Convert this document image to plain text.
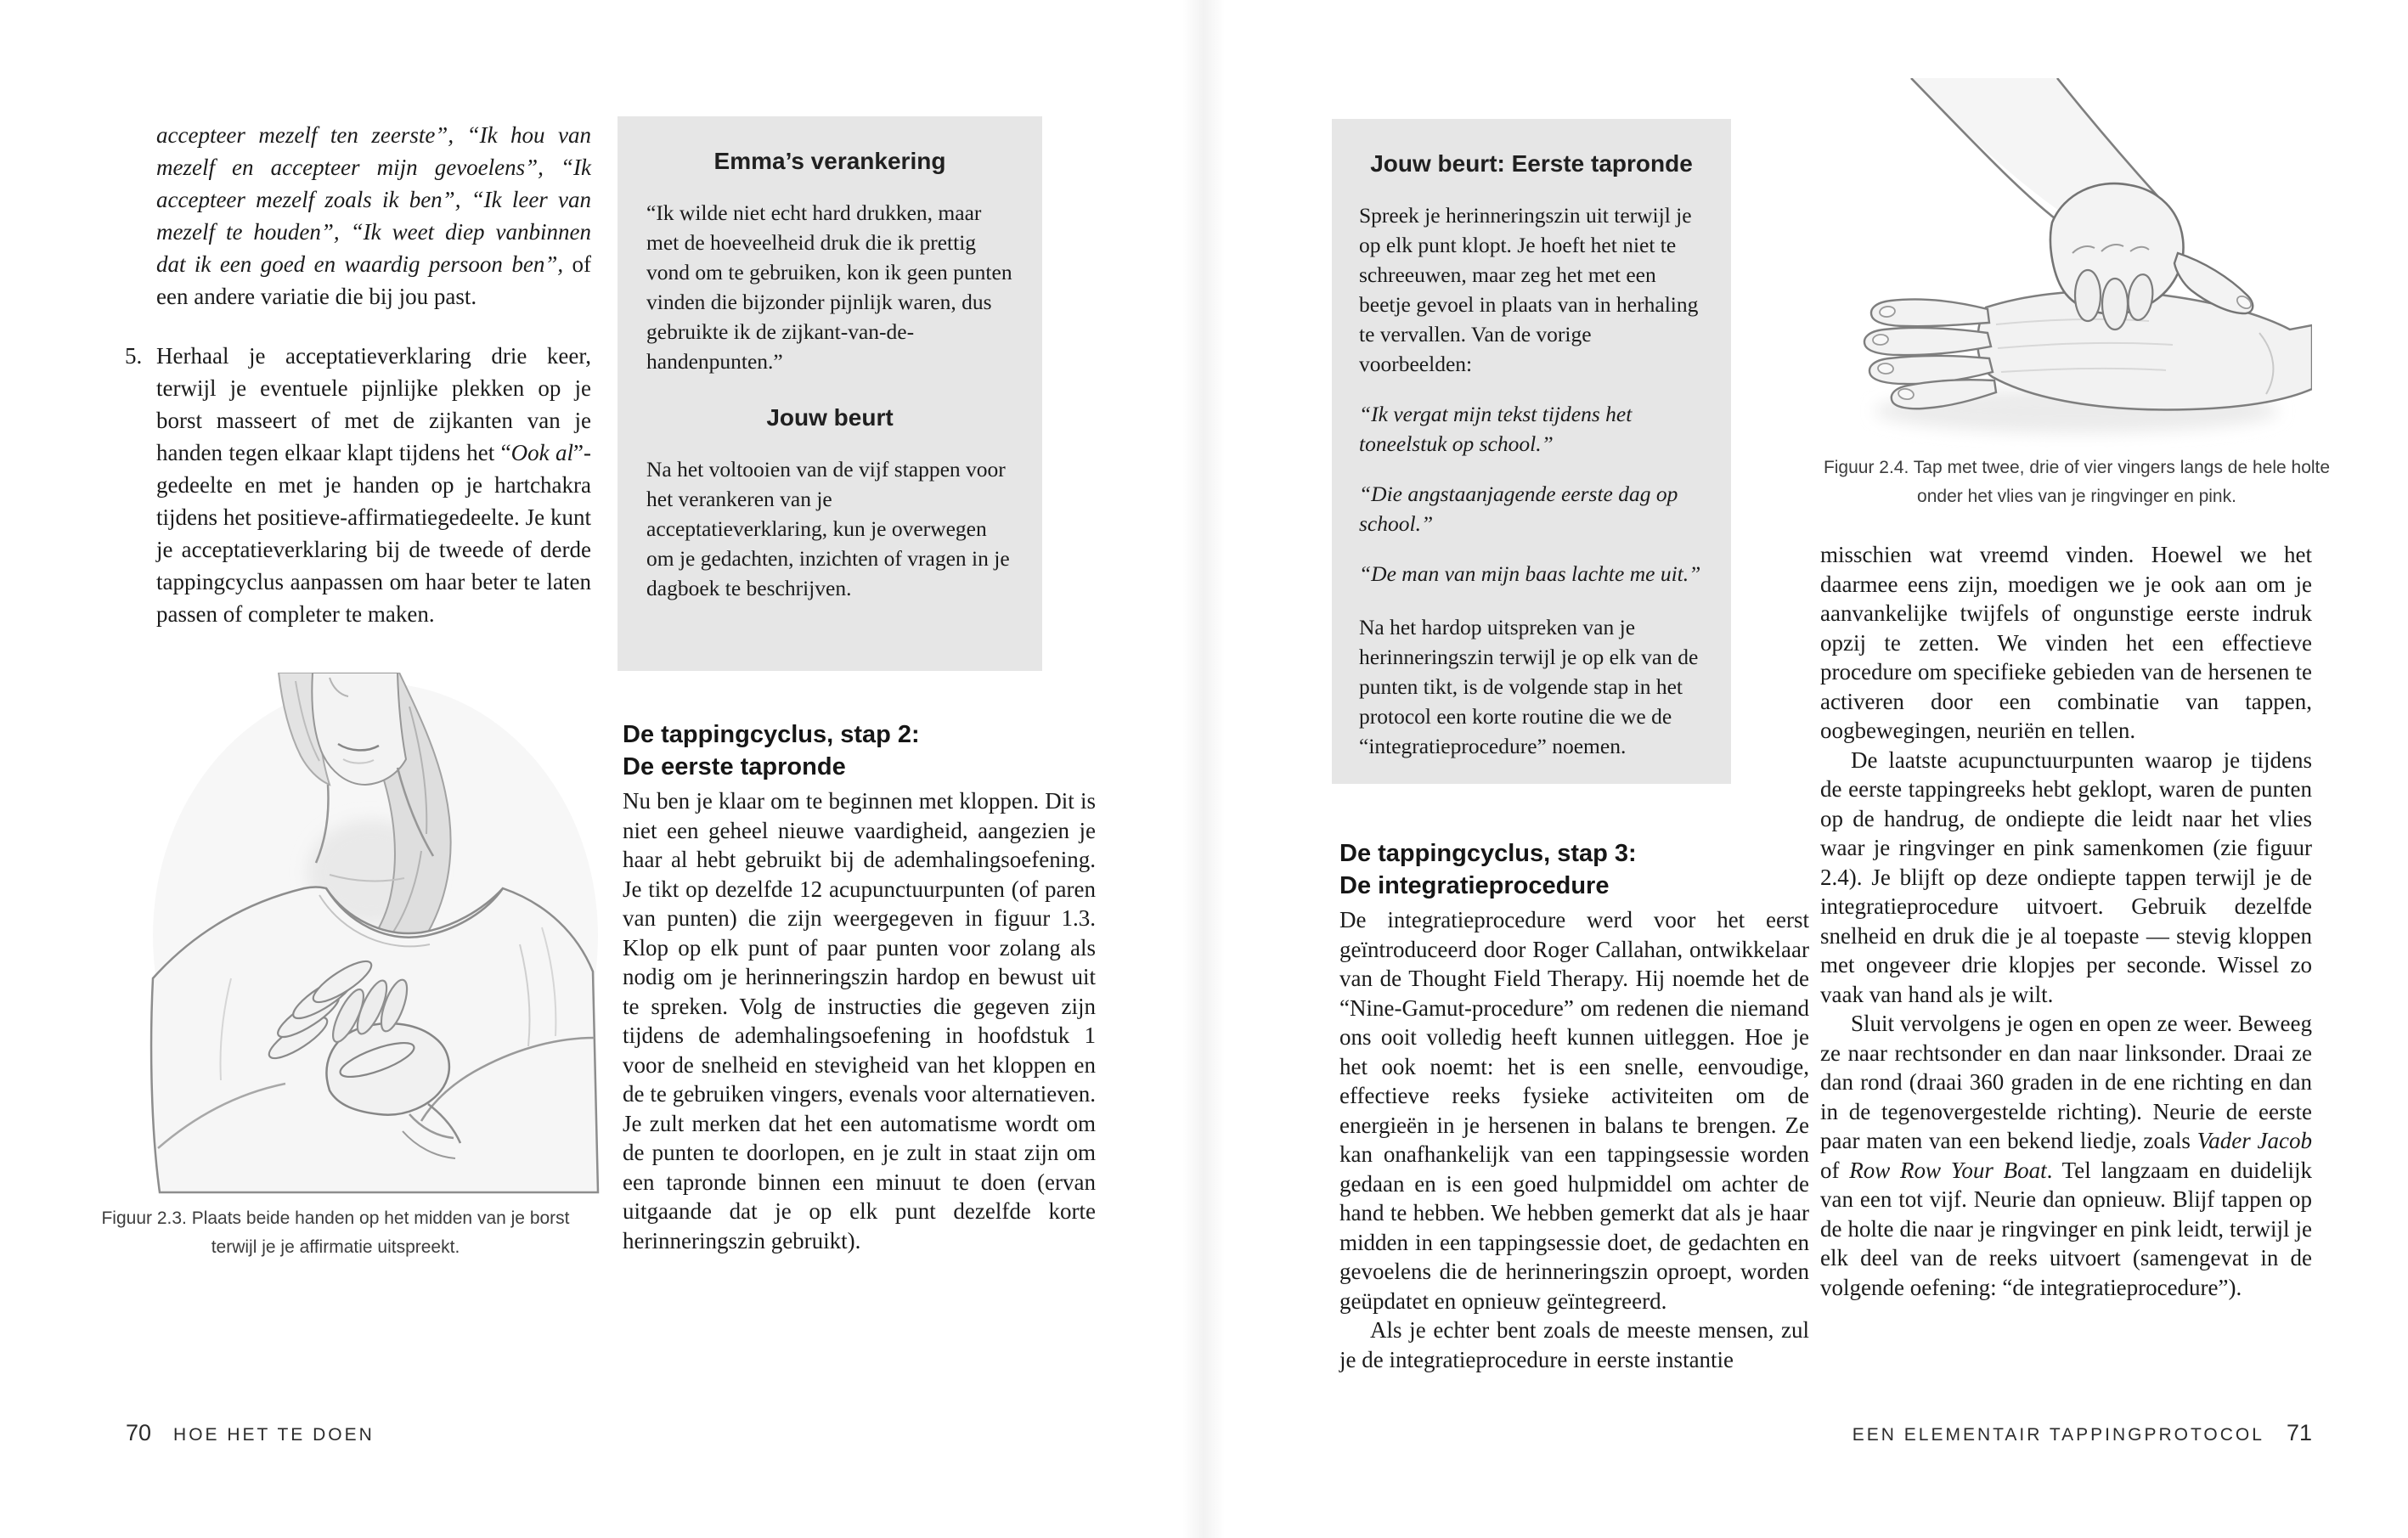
accepteer mezelf ten zeerste”, “Ik hou van mezelf en accepteer mijn gevoelens”, “Ik accepteer mezelf zoals ik ben”, “Ik leer van mezelf te houden”, “Ik weet diep vanbinnen dat ik een goed en waardig persoon ben”, of een andere variatie die bij jou past.
5. Herhaal je acceptatieverklaring drie keer, terwijl je eventuele pijnlijke plekken op je borst masseert of met de zijkanten van je handen tegen elkaar klapt tijdens het “Ook al”-gedeelte en met je handen op je hartchakra tijdens het positieve-affirmatiegedeelte. Je kunt je acceptatieverklaring bij de tweede of derde tappingcyclus aanpassen om haar beter te laten passen of completer te maken.
Figuur 2.3. Plaats beide handen op het midden van je borst terwijl je je affirmatie uitspreekt.
Emma’s verankering
“Ik wilde niet echt hard drukken, maar met de hoeveelheid druk die ik prettig vond om te gebruiken, kon ik geen punten vinden die bijzonder pijnlijk waren, dus gebruikte ik de zijkant-van-de-handenpunten.”
Jouw beurt
Na het voltooien van de vijf stappen voor het verankeren van je acceptatieverklaring, kun je overwegen om je gedachten, inzichten of vragen in je dagboek te beschrijven.
De tappingcyclus, stap 2:
De eerste tapronde
Nu ben je klaar om te beginnen met kloppen. Dit is niet een geheel nieuwe vaardigheid, aangezien je haar al hebt gebruikt bij de ademhalingsoefening. Je tikt op dezelfde 12 acupunctuurpunten (of paren van punten) die zijn weergegeven in figuur 1.3. Klop op elk punt of paar punten voor zolang als nodig om je herinneringszin hardop en bewust uit te spreken. Volg de instructies die gegeven zijn tijdens de ademhalingsoefening in hoofdstuk 1 voor de snelheid en stevigheid van het kloppen en de te gebruiken vingers, evenals voor alternatieven. Je zult merken dat het een automatisme wordt om de punten te doorlopen, en je zult in staat zijn om een tapronde binnen een minuut te doen (ervan uitgaande dat je op elk punt dezelfde korte herinneringszin gebruikt).
70 HOE HET TE DOEN
Jouw beurt: Eerste tapronde
Spreek je herinneringszin uit terwijl je op elk punt klopt. Je hoeft het niet te schreeuwen, maar zeg het met een beetje gevoel in plaats van in herhaling te vervallen. Van de vorige voorbeelden:
“Ik vergat mijn tekst tijdens het toneelstuk op school.”
“Die angstaanjagende eerste dag op school.”
“De man van mijn baas lachte me uit.”
Na het hardop uitspreken van je herinneringszin terwijl je op elk van de punten tikt, is de volgende stap in het protocol een korte routine die we de “integratieprocedure” noemen.
De tappingcyclus, stap 3:
De integratieprocedure
De integratieprocedure werd voor het eerst geïntroduceerd door Roger Callahan, ontwikkelaar van de Thought Field Therapy. Hij noemde het de “Nine-Gamut-procedure” om redenen die niemand ons ooit volledig heeft kunnen uitleggen. Hoe je het ook noemt: het is een snelle, eenvoudige, effectieve reeks fysieke activiteiten om de energieën in je hersenen in balans te brengen. Ze kan onafhankelijk van een tappingsessie worden gedaan en is een goed hulpmiddel om achter de hand te hebben. We hebben gemerkt dat als je haar midden in een tappingsessie doet, de gedachten en gevoelens die de herinneringszin oproept, worden geüpdatet en opnieuw geïntegreerd.
Als je echter bent zoals de meeste mensen, zul je de integratieprocedure in eerste instantie
Figuur 2.4. Tap met twee, drie of vier vingers langs de hele holte onder het vlies van je ringvinger en pink.
misschien wat vreemd vinden. Hoewel we het daarmee eens zijn, moedigen we je ook aan om je aanvankelijke twijfels of ongunstige eerste indruk opzij te zetten. We vinden het een effectieve procedure om specifieke gebieden van de hersenen te activeren door een combinatie van tappen, oogbewegingen, neuriën en tellen.
De laatste acupunctuurpunten waarop je tijdens de eerste tappingreeks hebt geklopt, waren de punten op de handrug, de ondiepte die leidt naar het vlies waar je ringvinger en pink samenkomen (zie figuur 2.4). Je blijft op deze ondiepte tappen terwijl je de integratieprocedure uitvoert. Gebruik dezelfde snelheid en druk die je al toepaste — stevig kloppen met ongeveer drie klopjes per seconde. Wissel zo vaak van hand als je wilt.
Sluit vervolgens je ogen en open ze weer. Beweeg ze naar rechtsonder en dan naar linksonder. Draai ze dan rond (draai 360 graden in de ene richting en dan in de tegenovergestelde richting). Neurie de eerste paar maten van een bekend liedje, zoals Vader Jacob of Row Row Your Boat. Tel langzaam en duidelijk van een tot vijf. Neurie dan opnieuw. Blijf tappen op de holte die naar je ringvinger en pink leidt, terwijl je elk deel van de reeks uitvoert (samengevat in de volgende oefening: “de integratieprocedure”).
EEN ELEMENTAIR TAPPINGPROTOCOL 71
